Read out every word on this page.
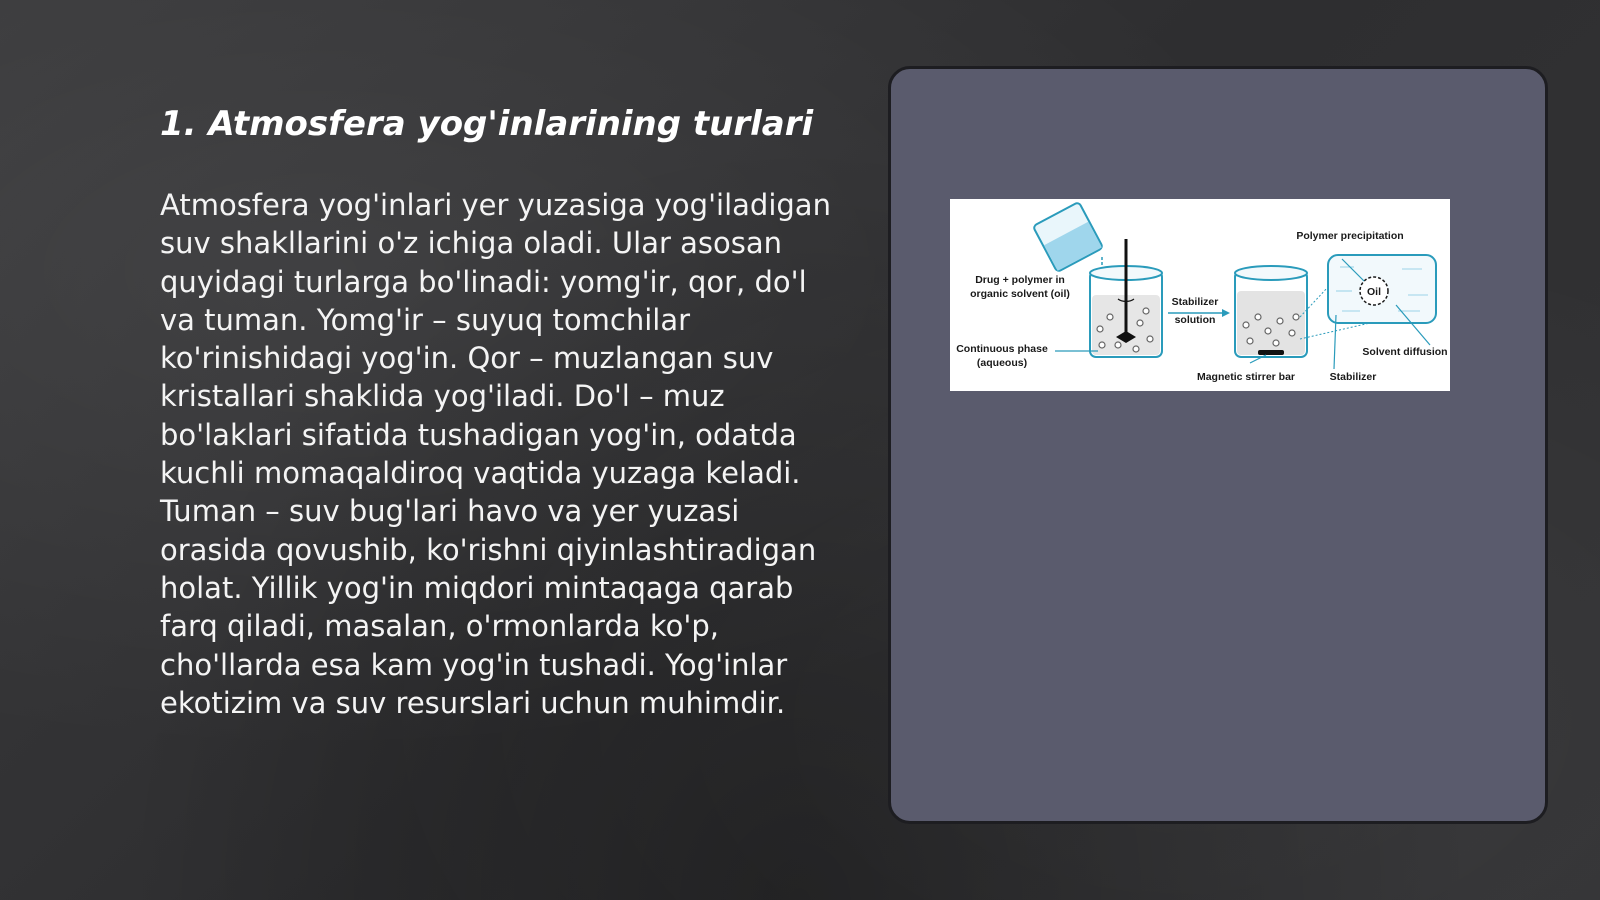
1. Atmosfera yog'inlarining turlari

Atmosfera yog'inlari yer yuzasiga yog'iladigan suv shakllarini o'z ichiga oladi. Ular asosan quyidagi turlarga bo'linadi: yomg'ir, qor, do'l va tuman. Yomg'ir – suyuq tomchilar ko'rinishidagi yog'in. Qor – muzlangan suv kristallari shaklida yog'iladi. Do'l – muz bo'laklari sifatida tushadigan yog'in, odatda kuchli momaqaldiroq vaqtida yuzaga keladi. Tuman – suv bug'lari havo va yer yuzasi orasida qovushib, ko'rishni qiyinlashtiradigan holat. Yillik yog'in miqdori mintaqaga qarab farq qiladi, masalan, o'rmonlarda ko'p, cho'llarda esa kam yog'in tushadi. Yog'inlar ekotizim va suv resurslari uchun muhimdir.

Drug + polymer in
organic solvent (oil)
Continuous phase
(aqueous)
Stabilizer
solution
Magnetic stirrer bar
Polymer precipitation
Oil
Solvent diffusion
Stabilizer
